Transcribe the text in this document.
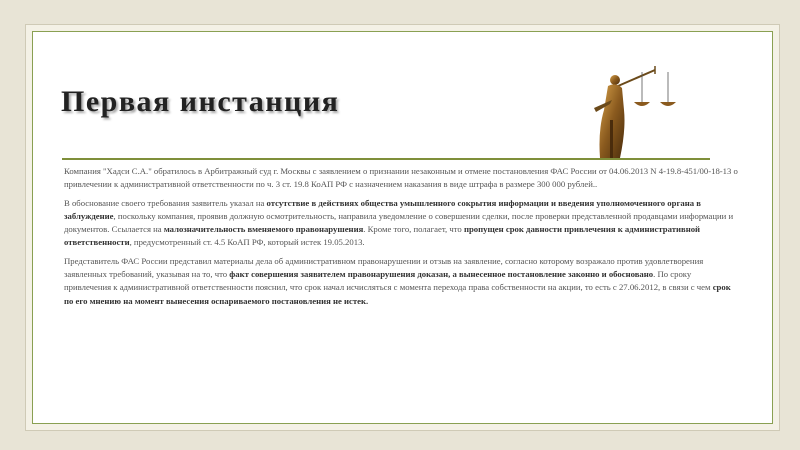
Первая инстанция
Компания "Хадси С.А." обратилось в Арбитражный суд г. Москвы с заявлением о признании незаконным и отмене постановления ФАС России от 04.06.2013 N 4-19.8-451/00-18-13 о привлечении к административной ответственности по ч. 3 ст. 19.8 КоАП РФ с назначением наказания в виде штрафа в размере 300 000 рублей..
В обоснование своего требования заявитель указал на отсутствие в действиях общества умышленного сокрытия информации и введения уполномоченного органа в заблуждение, поскольку компания, проявив должную осмотрительность, направила уведомление о совершении сделки, после проверки представленной продавцами информации и документов. Ссылается на малозначительность вменяемого правонарушения. Кроме того, полагает, что пропущен срок давности привлечения к административной ответственности, предусмотренный ст. 4.5 КоАП РФ, который истек 19.05.2013.
Представитель ФАС России представил материалы дела об административном правонарушении и отзыв на заявление, согласно которому возражало против удовлетворения заявленных требований, указывая на то, что факт совершения заявителем правонарушения доказан, а вынесенное постановление законно и обосновано. По сроку привлечения к административной ответственности пояснил, что срок начал исчисляться с момента перехода права собственности на акции, то есть с 27.06.2012, в связи с чем срок по его мнению на момент вынесения оспариваемого постановления не истек.
